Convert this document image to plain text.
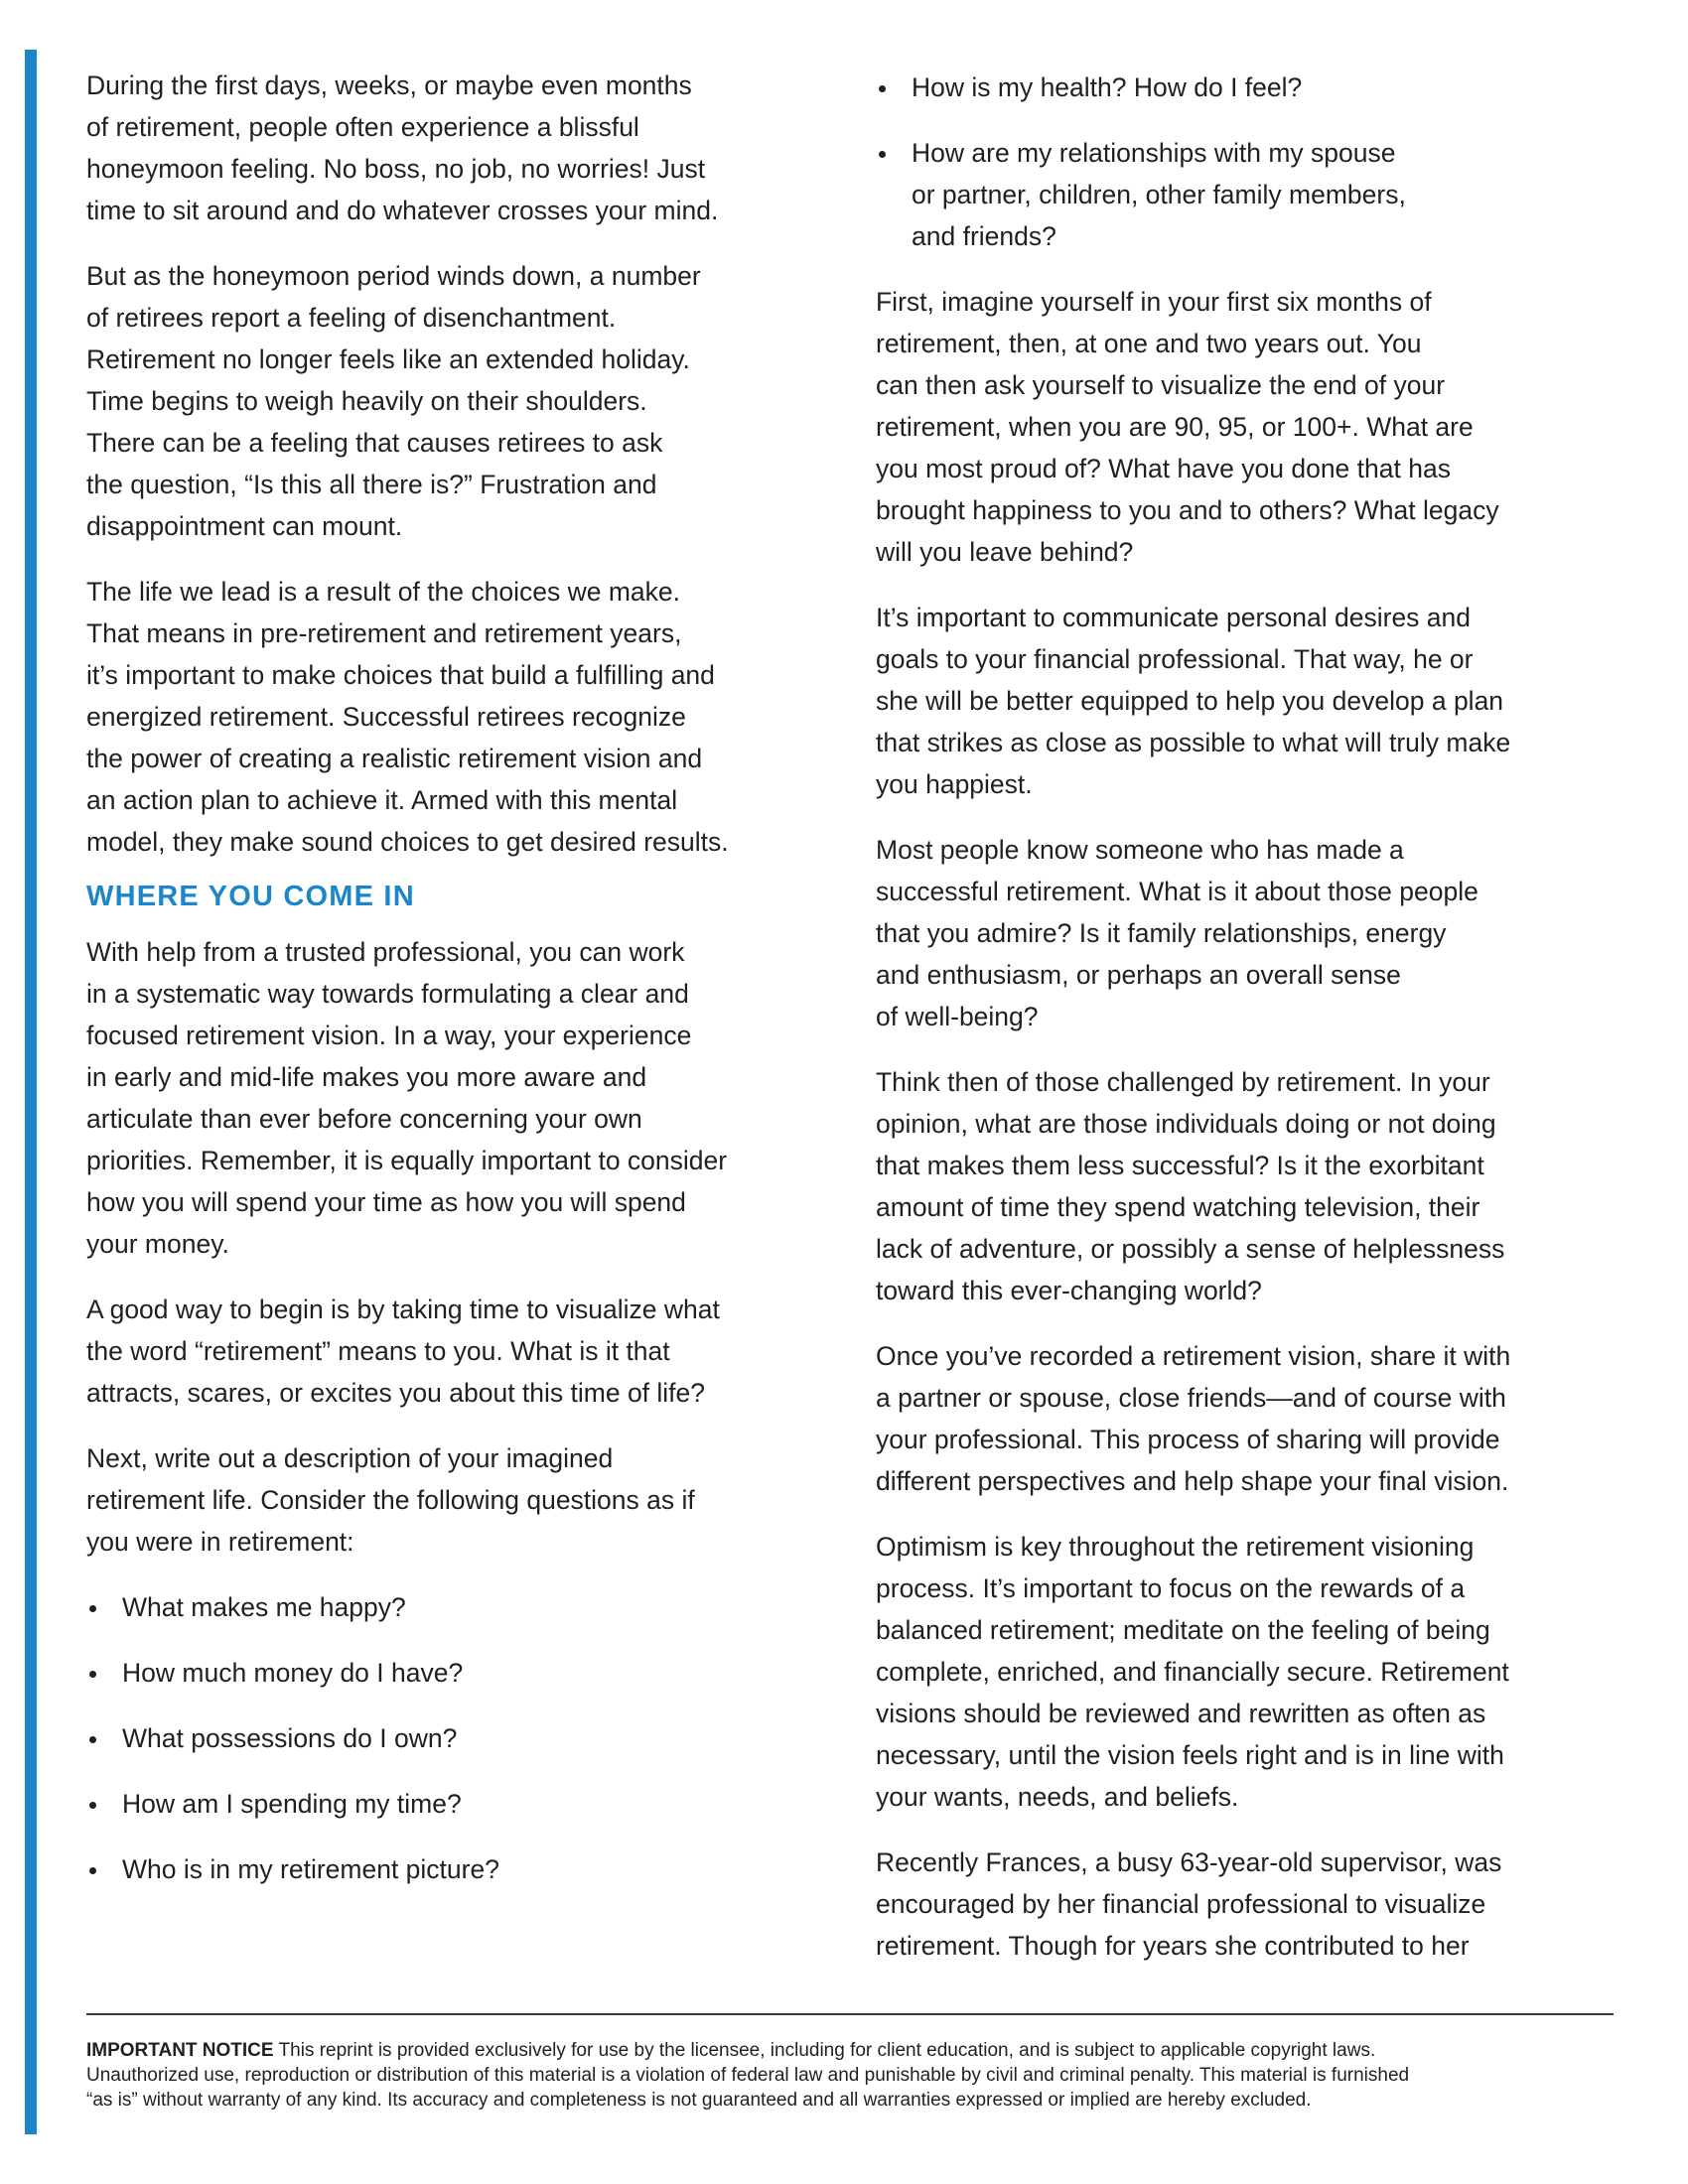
During the first days, weeks, or maybe even months
of retirement, people often experience a blissful
honeymoon feeling. No boss, no job, no worries! Just
time to sit around and do whatever crosses your mind.
But as the honeymoon period winds down, a number
of retirees report a feeling of disenchantment.
Retirement no longer feels like an extended holiday.
Time begins to weigh heavily on their shoulders.
There can be a feeling that causes retirees to ask
the question, “Is this all there is?” Frustration and
disappointment can mount.
The life we lead is a result of the choices we make.
That means in pre-retirement and retirement years,
it’s important to make choices that build a fulfilling and
energized retirement. Successful retirees recognize
the power of creating a realistic retirement vision and
an action plan to achieve it. Armed with this mental
model, they make sound choices to get desired results.
WHERE YOU COME IN
With help from a trusted professional, you can work
in a systematic way towards formulating a clear and
focused retirement vision. In a way, your experience
in early and mid-life makes you more aware and
articulate than ever before concerning your own
priorities. Remember, it is equally important to consider
how you will spend your time as how you will spend
your money.
A good way to begin is by taking time to visualize what
the word “retirement” means to you. What is it that
attracts, scares, or excites you about this time of life?
Next, write out a description of your imagined
retirement life. Consider the following questions as if
you were in retirement:
What makes me happy?
How much money do I have?
What possessions do I own?
How am I spending my time?
Who is in my retirement picture?
How is my health? How do I feel?
How are my relationships with my spouse
or partner, children, other family members,
and friends?
First, imagine yourself in your first six months of
retirement, then, at one and two years out. You
can then ask yourself to visualize the end of your
retirement, when you are 90, 95, or 100+. What are
you most proud of? What have you done that has
brought happiness to you and to others? What legacy
will you leave behind?
It’s important to communicate personal desires and
goals to your financial professional. That way, he or
she will be better equipped to help you develop a plan
that strikes as close as possible to what will truly make
you happiest.
Most people know someone who has made a
successful retirement. What is it about those people
that you admire? Is it family relationships, energy
and enthusiasm, or perhaps an overall sense
of well-being?
Think then of those challenged by retirement. In your
opinion, what are those individuals doing or not doing
that makes them less successful? Is it the exorbitant
amount of time they spend watching television, their
lack of adventure, or possibly a sense of helplessness
toward this ever-changing world?
Once you’ve recorded a retirement vision, share it with
a partner or spouse, close friends—and of course with
your professional. This process of sharing will provide
different perspectives and help shape your final vision.
Optimism is key throughout the retirement visioning
process. It’s important to focus on the rewards of a
balanced retirement; meditate on the feeling of being
complete, enriched, and financially secure. Retirement
visions should be reviewed and rewritten as often as
necessary, until the vision feels right and is in line with
your wants, needs, and beliefs.
Recently Frances, a busy 63-year-old supervisor, was
encouraged by her financial professional to visualize
retirement. Though for years she contributed to her
IMPORTANT NOTICE This reprint is provided exclusively for use by the licensee, including for client education, and is subject to applicable copyright laws.
Unauthorized use, reproduction or distribution of this material is a violation of federal law and punishable by civil and criminal penalty. This material is furnished
“as is” without warranty of any kind. Its accuracy and completeness is not guaranteed and all warranties expressed or implied are hereby excluded.
